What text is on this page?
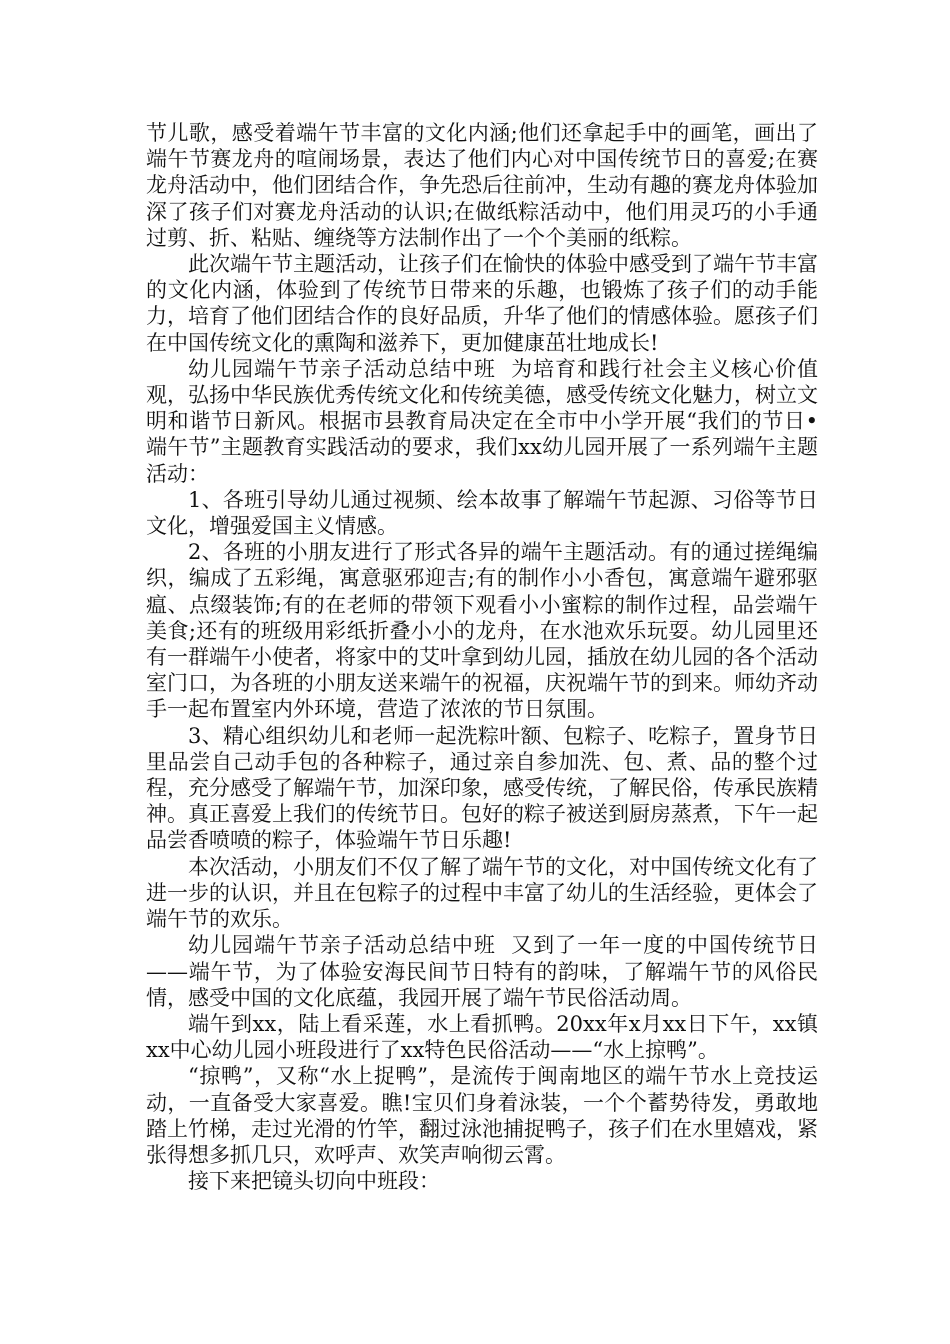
节儿歌，感受着端午节丰富的文化内涵;他们还拿起手中的画笔，画出了端午节赛龙舟的喧闹场景，表达了他们内心对中国传统节日的喜爱;在赛龙舟活动中，他们团结合作，争先恐后往前冲，生动有趣的赛龙舟体验加深了孩子们对赛龙舟活动的认识;在做纸粽活动中，他们用灵巧的小手通过剪、折、粘贴、缠绕等方法制作出了一个个美丽的纸粽。

此次端午节主题活动，让孩子们在愉快的体验中感受到了端午节丰富的文化内涵，体验到了传统节日带来的乐趣，也锻炼了孩子们的动手能力，培育了他们团结合作的良好品质，升华了他们的情感体验。愿孩子们在中国传统文化的熏陶和滋养下，更加健康茁壮地成长!

幼儿园端午节亲子活动总结中班  为培育和践行社会主义核心价值观，弘扬中华民族优秀传统文化和传统美德，感受传统文化魅力，树立文明和谐节日新风。根据市县教育局决定在全市中小学开展“我们的节日•端午节”主题教育实践活动的要求，我们xx幼儿园开展了一系列端午主题活动：

1、各班引导幼儿通过视频、绘本故事了解端午节起源、习俗等节日文化，增强爱国主义情感。

2、各班的小朋友进行了形式各异的端午主题活动。有的通过搓绳编织，编成了五彩绳，寓意驱邪迎吉;有的制作小小香包，寓意端午避邪驱瘟、点缀装饰;有的在老师的带领下观看小小蜜粽的制作过程，品尝端午美食;还有的班级用彩纸折叠小小的龙舟，在水池欢乐玩耍。幼儿园里还有一群端午小使者，将家中的艾叶拿到幼儿园，插放在幼儿园的各个活动室门口，为各班的小朋友送来端午的祝福，庆祝端午节的到来。师幼齐动手一起布置室内外环境，营造了浓浓的节日氛围。

3、精心组织幼儿和老师一起洗粽叶额、包粽子、吃粽子，置身节日里品尝自己动手包的各种粽子，通过亲自参加洗、包、煮、品的整个过程，充分感受了解端午节，加深印象，感受传统，了解民俗，传承民族精神。真正喜爱上我们的传统节日。包好的粽子被送到厨房蒸煮，下午一起品尝香喷喷的粽子，体验端午节日乐趣!

本次活动，小朋友们不仅了解了端午节的文化，对中国传统文化有了进一步的认识，并且在包粽子的过程中丰富了幼儿的生活经验，更体会了端午节的欢乐。

幼儿园端午节亲子活动总结中班  又到了一年一度的中国传统节日——端午节，为了体验安海民间节日特有的韵味，了解端午节的风俗民情，感受中国的文化底蕴，我园开展了端午节民俗活动周。

端午到xx，陆上看采莲，水上看抓鸭。20xx年x月xx日下午，xx镇xx中心幼儿园小班段进行了xx特色民俗活动——“水上掠鸭”。

“掠鸭”，又称“水上捉鸭”，是流传于闽南地区的端午节水上竞技运动，一直备受大家喜爱。瞧!宝贝们身着泳装，一个个蓄势待发，勇敢地踏上竹梯，走过光滑的竹竿，翻过泳池捕捉鸭子，孩子们在水里嬉戏，紧张得想多抓几只，欢呼声、欢笑声响彻云霄。

接下来把镜头切向中班段：
